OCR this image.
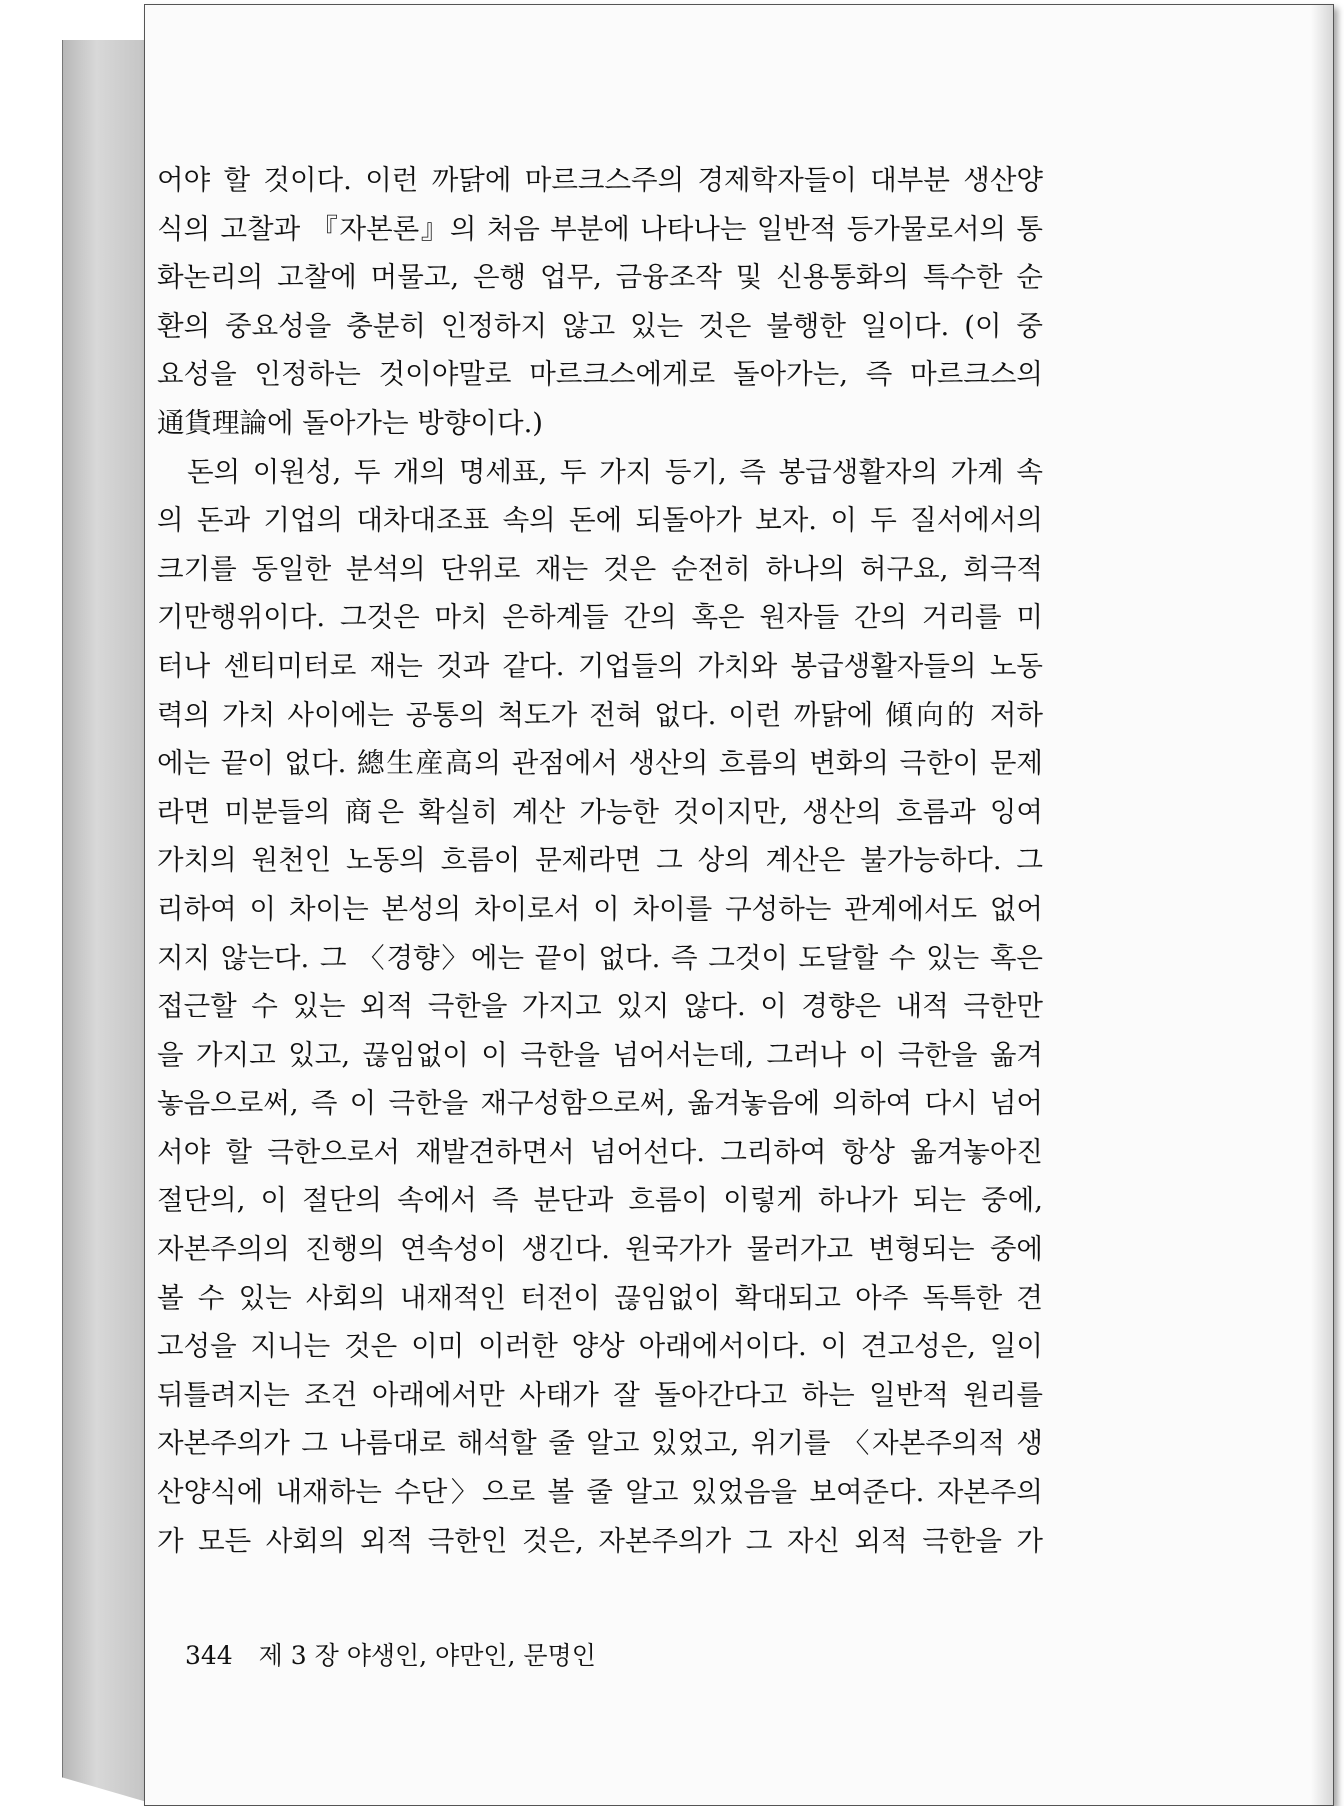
어야 할 것이다. 이런 까닭에 마르크스주의 경제학자들이 대부분 생산양
식의 고찰과 『자본론』의 처음 부분에 나타나는 일반적 등가물로서의 통
화논리의 고찰에 머물고, 은행 업무, 금융조작 및 신용통화의 특수한 순
환의 중요성을 충분히 인정하지 않고 있는 것은 불행한 일이다. (이 중
요성을 인정하는 것이야말로 마르크스에게로 돌아가는, 즉 마르크스의
通貨理論에 돌아가는 방향이다.)
돈의 이원성, 두 개의 명세표, 두 가지 등기, 즉 봉급생활자의 가계 속
의 돈과 기업의 대차대조표 속의 돈에 되돌아가 보자. 이 두 질서에서의
크기를 동일한 분석의 단위로 재는 것은 순전히 하나의 허구요, 희극적
기만행위이다. 그것은 마치 은하계들 간의 혹은 원자들 간의 거리를 미
터나 센티미터로 재는 것과 같다. 기업들의 가치와 봉급생활자들의 노동
력의 가치 사이에는 공통의 척도가 전혀 없다. 이런 까닭에 傾向的 저하
에는 끝이 없다. 總生産高의 관점에서 생산의 흐름의 변화의 극한이 문제
라면 미분들의 商은 확실히 계산 가능한 것이지만, 생산의 흐름과 잉여
가치의 원천인 노동의 흐름이 문제라면 그 상의 계산은 불가능하다. 그
리하여 이 차이는 본성의 차이로서 이 차이를 구성하는 관계에서도 없어
지지 않는다. 그 〈경향〉에는 끝이 없다. 즉 그것이 도달할 수 있는 혹은
접근할 수 있는 외적 극한을 가지고 있지 않다. 이 경향은 내적 극한만
을 가지고 있고, 끊임없이 이 극한을 넘어서는데, 그러나 이 극한을 옮겨
놓음으로써, 즉 이 극한을 재구성함으로써, 옮겨놓음에 의하여 다시 넘어
서야 할 극한으로서 재발견하면서 넘어선다. 그리하여 항상 옮겨놓아진
절단의, 이 절단의 속에서 즉 분단과 흐름이 이렇게 하나가 되는 중에,
자본주의의 진행의 연속성이 생긴다. 원국가가 물러가고 변형되는 중에
볼 수 있는 사회의 내재적인 터전이 끊임없이 확대되고 아주 독특한 견
고성을 지니는 것은 이미 이러한 양상 아래에서이다. 이 견고성은, 일이
뒤틀려지는 조건 아래에서만 사태가 잘 돌아간다고 하는 일반적 원리를
자본주의가 그 나름대로 해석할 줄 알고 있었고, 위기를 〈자본주의적 생
산양식에 내재하는 수단〉으로 볼 줄 알고 있었음을 보여준다. 자본주의
가 모든 사회의 외적 극한인 것은, 자본주의가 그 자신 외적 극한을 가
344 제 3 장 야생인, 야만인, 문명인
